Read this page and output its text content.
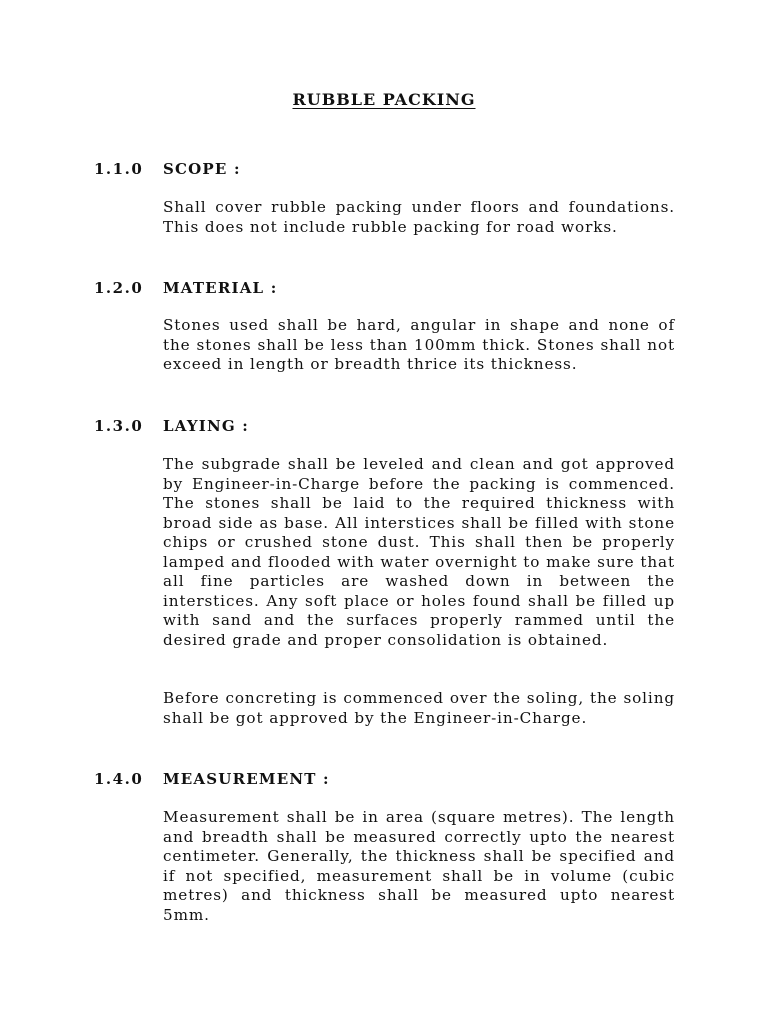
RUBBLE PACKING
1.1.0 SCOPE :
Shall cover rubble packing under floors and foundations. This does not include rubble packing for road works.
1.2.0 MATERIAL :
Stones used shall be hard, angular in shape and none of the stones shall be less than 100mm thick. Stones shall not exceed in length or breadth thrice its thickness.
1.3.0 LAYING :
The subgrade shall be leveled and clean and got approved by Engineer-in-Charge before the packing is commenced. The stones shall be laid to the required thickness with broad side as base. All interstices shall be filled with stone chips or crushed stone dust. This shall then be properly lamped and flooded with water overnight to make sure that all fine particles are washed down in between the interstices. Any soft place or holes found shall be filled up with sand and the surfaces properly rammed until the desired grade and proper consolidation is obtained.
Before concreting is commenced over the soling, the soling shall be got approved by the Engineer-in-Charge.
1.4.0 MEASUREMENT :
Measurement shall be in area (square metres). The length and breadth shall be measured correctly upto the nearest centimeter. Generally, the thickness shall be specified and if not specified, measurement shall be in volume (cubic metres) and thickness shall be measured upto nearest 5mm.
